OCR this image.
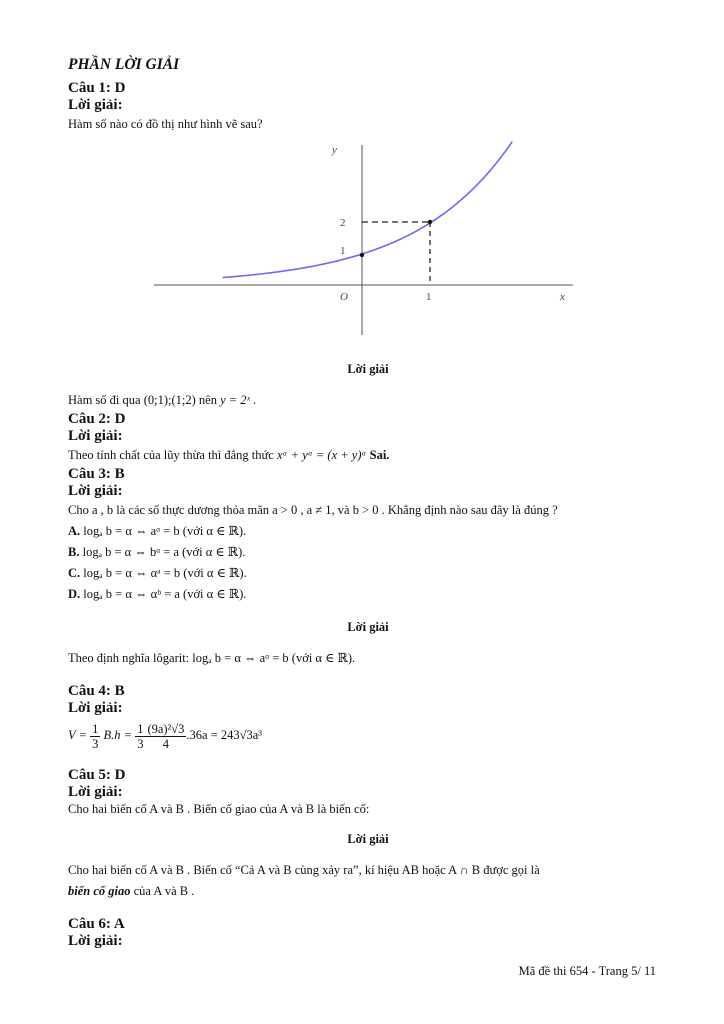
PHẦN LỜI GIẢI

Câu 1: D

Lời giải:

Hàm số nào có đồ thị như hình vẽ sau?

y
x
O
2
1
1

Lời giải

Hàm số đi qua (0;1);(1;2) nên y = 2ˣ .

Câu 2: D

Lời giải:

Theo tính chất của lũy thừa thì đẳng thức xᵅ + yᵅ = (x + y)ᵅ Sai.

Câu 3: B

Lời giải:

Cho a , b là các số thực dương thỏa mãn a > 0 , a ≠ 1, và b > 0 . Khẳng định nào sau đây là đúng ?

A. logₐ b = α ⇔ aᵅ = b (với α ∈ ℝ).

B. logₐ b = α ⇔ bᵅ = a (với α ∈ ℝ).

C. logₐ b = α ⇔ αᵃ = b (với α ∈ ℝ).

D. logₐ b = α ⇔ αᵇ = a (với α ∈ ℝ).

Lời giải

Theo định nghĩa lôgarit: logₐ b = α ⇔ aᵅ = b (với α ∈ ℝ).

Câu 4: B

Lời giải:

$V = \frac{1}{3} B.h = \frac{1}{3} \frac{\text{(9a)²√3}}{4} .36a = 243√3a^3$

Câu 5: D

Lời giải:

Cho hai biến cố A và B . Biến cố giao của A và B là biến cố:

Lời giải

Cho hai biến cố A và B . Biến cố “Cả A và B cùng xảy ra”, kí hiệu AB hoặc A ∩ B được gọi là

biến cố giao của A và B .

Câu 6: A

Lời giải:

Mã đề thi 654 - Trang 5/ 11
